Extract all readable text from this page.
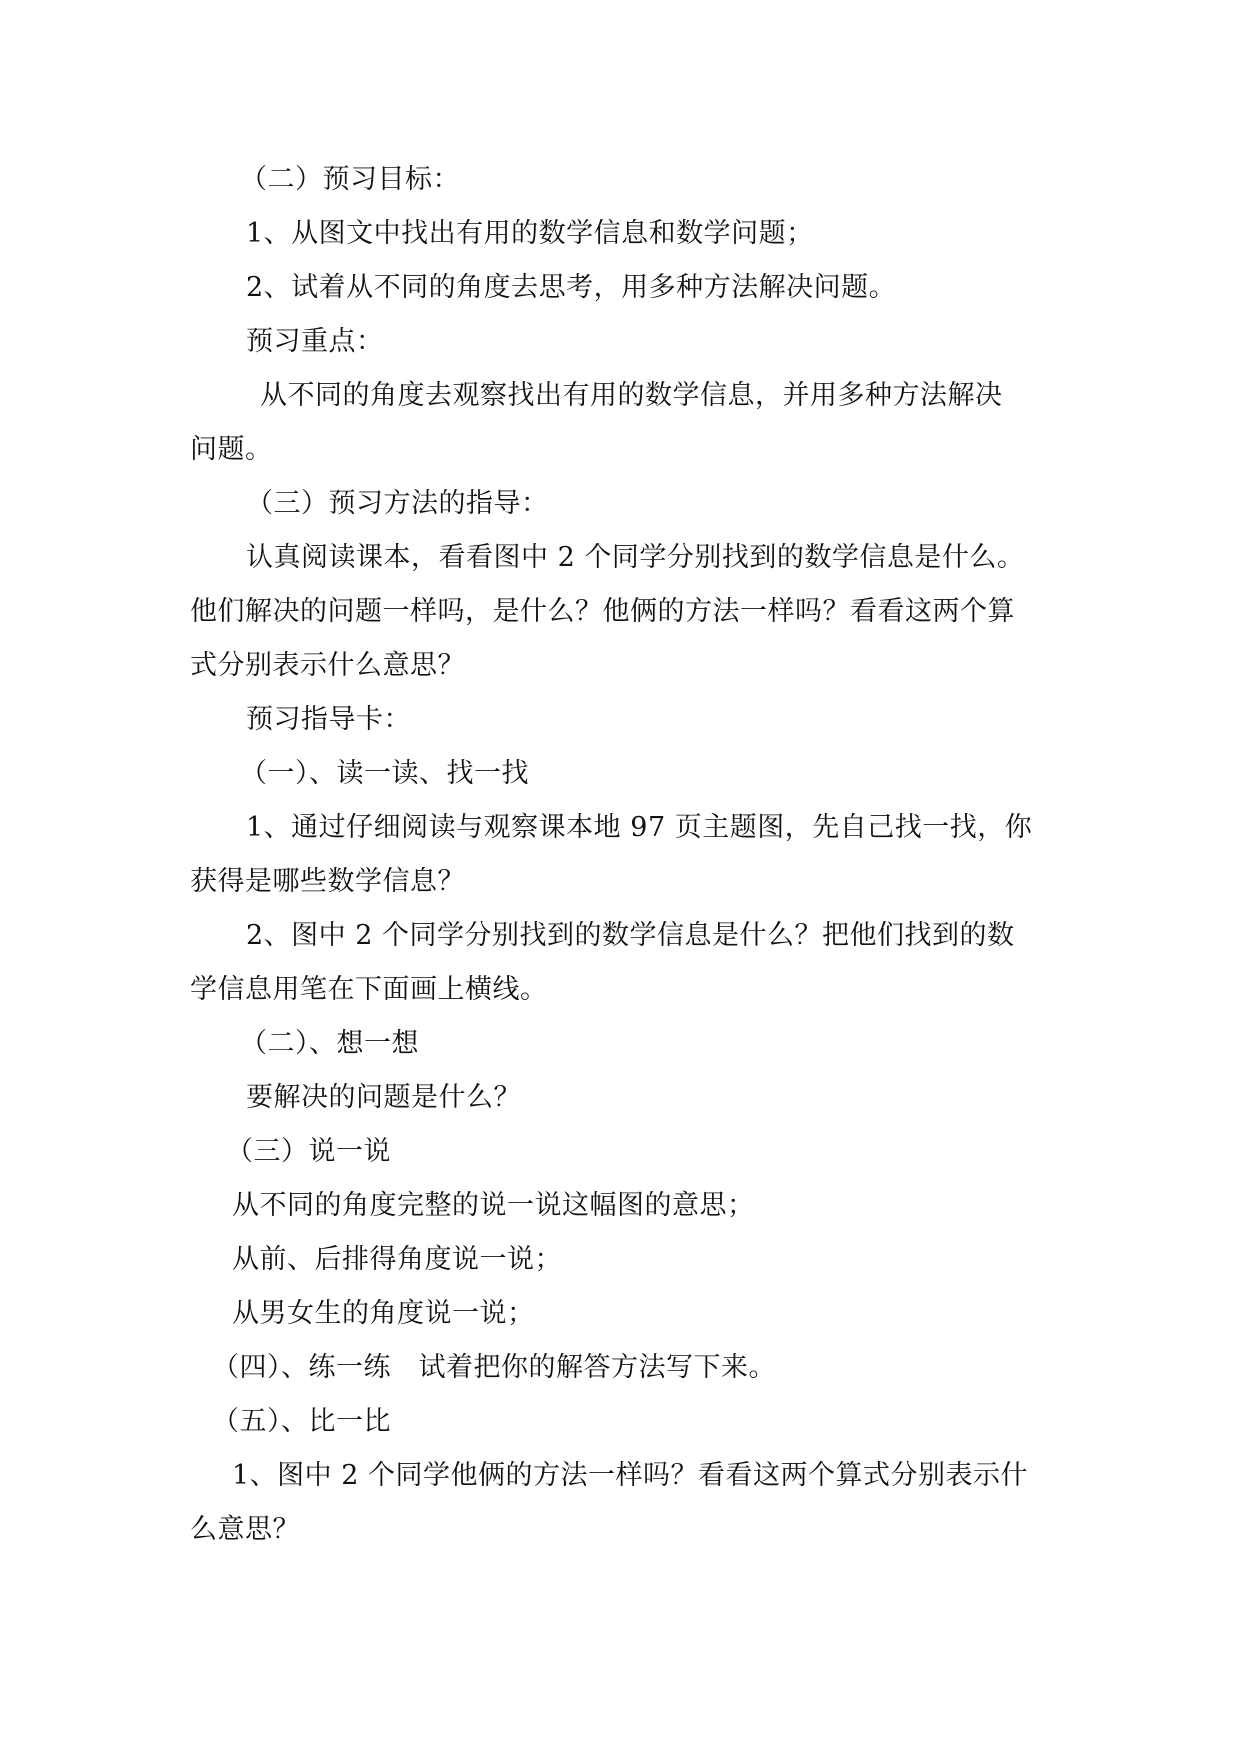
（二）预习目标：
1、从图文中找出有用的数学信息和数学问题；
2、试着从不同的角度去思考，用多种方法解决问题。
预习重点：
从不同的角度去观察找出有用的数学信息，并用多种方法解决
问题。
（三）预习方法的指导：
认真阅读课本，看看图中 2 个同学分别找到的数学信息是什么。
他们解决的问题一样吗，是什么？他俩的方法一样吗？看看这两个算
式分别表示什么意思？
预习指导卡：
（一）、读一读、找一找
1、通过仔细阅读与观察课本地 97 页主题图，先自己找一找，你
获得是哪些数学信息？
2、图中 2 个同学分别找到的数学信息是什么？把他们找到的数
学信息用笔在下面画上横线。
（二）、想一想
要解决的问题是什么？
（三）说一说
从不同的角度完整的说一说这幅图的意思；
从前、后排得角度说一说；
从男女生的角度说一说；
（四）、练一练　试着把你的解答方法写下来。
（五）、比一比
1、图中 2 个同学他俩的方法一样吗？看看这两个算式分别表示什
么意思？
